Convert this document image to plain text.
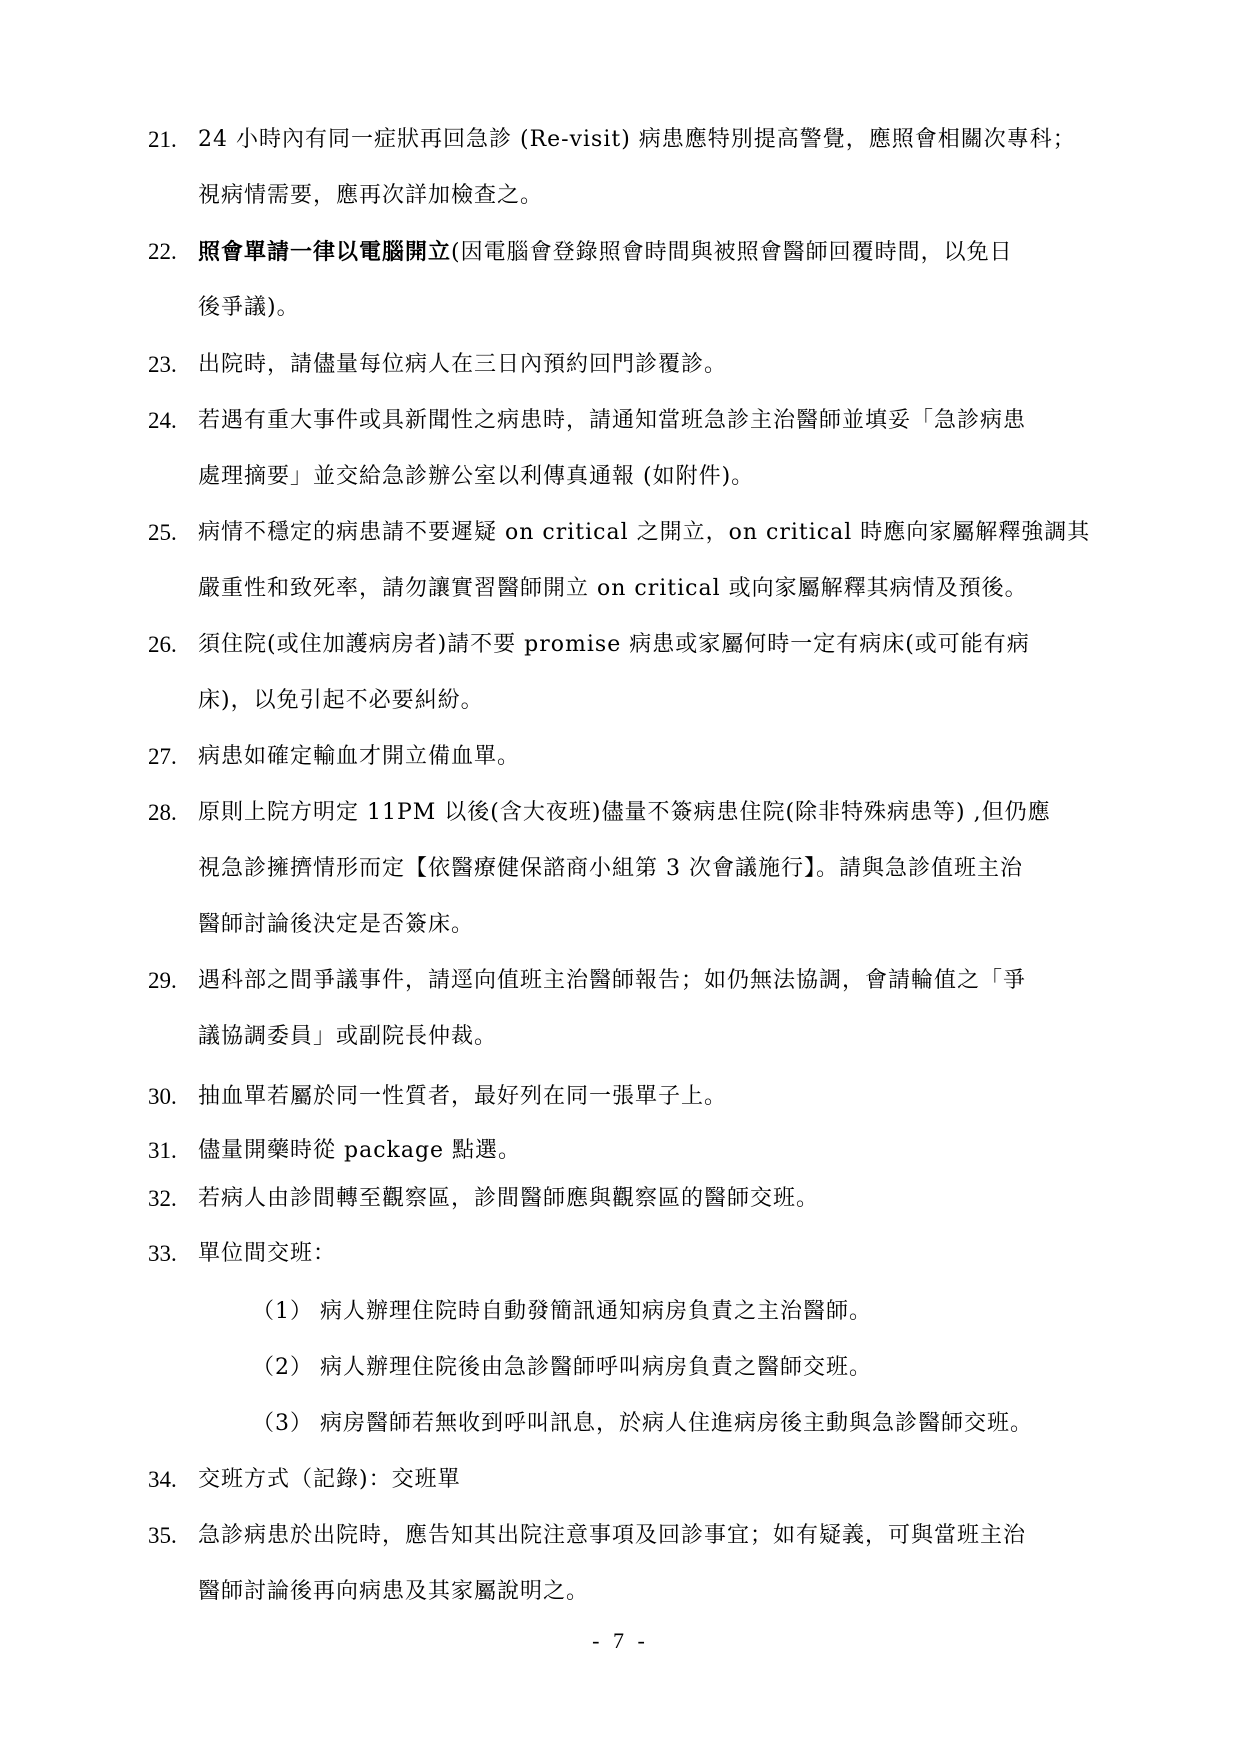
21. 24 小時內有同一症狀再回急診 (Re-visit) 病患應特別提高警覺，應照會相關次專科；
視病情需要，應再次詳加檢查之。
22. 照會單請一律以電腦開立(因電腦會登錄照會時間與被照會醫師回覆時間，以免日
後爭議)。
23. 出院時，請儘量每位病人在三日內預約回門診覆診。
24. 若遇有重大事件或具新聞性之病患時，請通知當班急診主治醫師並填妥「急診病患
處理摘要」並交給急診辦公室以利傳真通報 (如附件)。
25. 病情不穩定的病患請不要遲疑 on critical 之開立，on critical 時應向家屬解釋強調其
嚴重性和致死率，請勿讓實習醫師開立 on critical 或向家屬解釋其病情及預後。
26. 須住院(或住加護病房者)請不要 promise 病患或家屬何時一定有病床(或可能有病
床)，以免引起不必要糾紛。
27. 病患如確定輸血才開立備血單。
28. 原則上院方明定 11PM 以後(含大夜班)儘量不簽病患住院(除非特殊病患等) ,但仍應
視急診擁擠情形而定【依醫療健保諮商小組第 3 次會議施行】。請與急診值班主治
醫師討論後決定是否簽床。
29. 遇科部之間爭議事件，請逕向值班主治醫師報告；如仍無法協調，會請輪值之「爭
議協調委員」或副院長仲裁。
30. 抽血單若屬於同一性質者，最好列在同一張單子上。
31. 儘量開藥時從 package 點選。
32. 若病人由診間轉至觀察區，診間醫師應與觀察區的醫師交班。
33. 單位間交班：
（1） 病人辦理住院時自動發簡訊通知病房負責之主治醫師。
（2） 病人辦理住院後由急診醫師呼叫病房負責之醫師交班。
（3） 病房醫師若無收到呼叫訊息，於病人住進病房後主動與急診醫師交班。
34. 交班方式（記錄)：交班單
35. 急診病患於出院時，應告知其出院注意事項及回診事宜；如有疑義，可與當班主治
醫師討論後再向病患及其家屬說明之。
- 7 -
